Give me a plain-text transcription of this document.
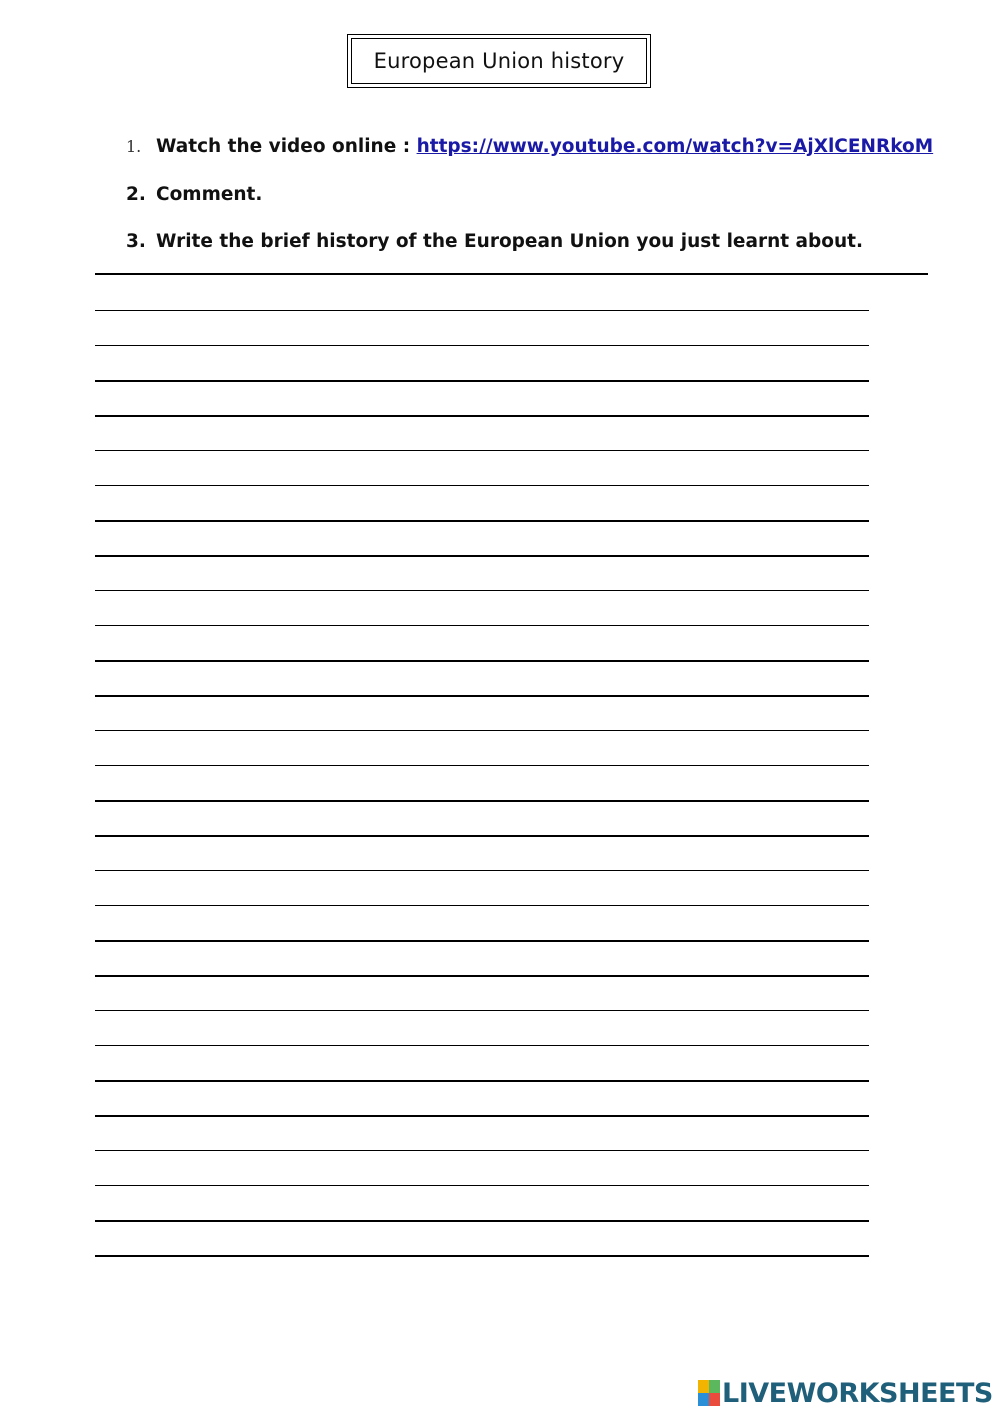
European Union history
1. Watch the video online : https://www.youtube.com/watch?v=AjXlCENRkoM
2. Comment.
3. Write the brief history of the European Union you just learnt about.
LIVEWORKSHEETS
